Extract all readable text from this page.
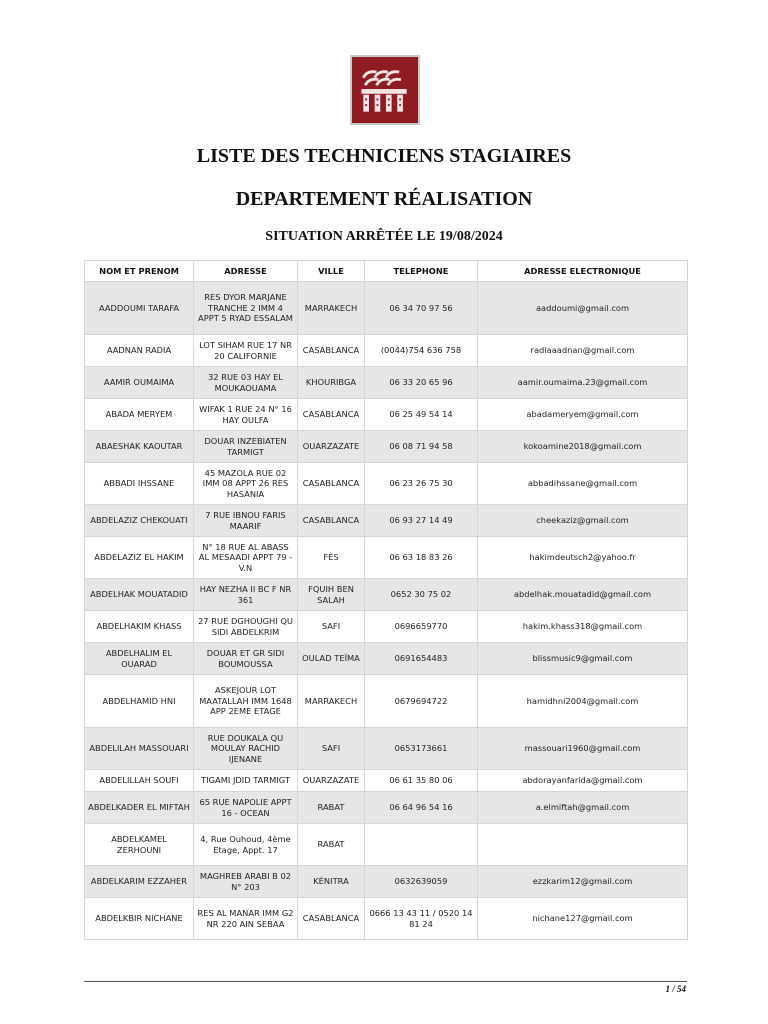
LISTE DES TECHNICIENS STAGIAIRES
DEPARTEMENT RÉALISATION
SITUATION ARRÊTÉE LE 19/08/2024
NOM ET PRENOM	ADRESSE	VILLE	TELEPHONE	ADRESSE ELECTRONIQUE
AADDOUMI TARAFA	RES DYOR MARJANE TRANCHE 2 IMM 4 APPT 5 RYAD ESSALAM	MARRAKECH	06 34 70 97 56	aaddoumi@gmail.com
AADNAN RADIA	LOT SIHAM RUE 17 NR 20 CALIFORNIE	CASABLANCA	(0044)754 636 758	radiaaadnan@gmail.com
AAMIR OUMAIMA	32 RUE 03 HAY EL MOUKAOUAMA	KHOURIBGA	06 33 20 65 96	aamir.oumaima.23@gmail.com
ABADA MERYEM	WIFAK 1 RUE 24 N° 16 HAY OULFA	CASABLANCA	06 25 49 54 14	abadameryem@gmail.com
ABAESHAK KAOUTAR	DOUAR INZEBIATEN TARMIGT	OUARZAZATE	06 08 71 94 58	kokoamine2018@gmail.com
ABBADI IHSSANE	45 MAZOLA RUE 02 IMM 08 APPT 26 RES HASANIA	CASABLANCA	06 23 26 75 30	abbadihssane@gmail.com
ABDELAZIZ CHEKOUATI	7 RUE IBNOU FARIS MAARIF	CASABLANCA	06 93 27 14 49	cheekaziz@gmail.com
ABDELAZIZ EL HAKIM	N° 18 RUE AL ABASS AL MESAADI APPT 79 - V.N	FÈS	06 63 18 83 26	hakimdeutsch2@yahoo.fr
ABDELHAK MOUATADID	HAY NEZHA II BC F NR 361	FQUIH BEN SALAH	0652 30 75 02	abdelhak.mouatadid@gmail.com
ABDELHAKIM KHASS	27 RUE DGHOUGHI QU SIDI ABDELKRIM	SAFI	0696659770	hakim.khass318@gmail.com
ABDELHALIM EL OUARAD	DOUAR ET GR SIDI BOUMOUSSA	OULAD TEÏMA	0691654483	blissmusic9@gmail.com
ABDELHAMID HNI	ASKEJOUR LOT MAATALLAH IMM 1648 APP 2EME ETAGE	MARRAKECH	0679694722	hamidhni2004@gmail.com
ABDELILAH MASSOUARI	RUE DOUKALA QU MOULAY RACHID IJENANE	SAFI	0653173661	massouari1960@gmail.com
ABDELILLAH SOUFI	TIGAMI JDID TARMIGT	OUARZAZATE	06 61 35 80 06	abdorayanfarida@gmail.com
ABDELKADER EL MIFTAH	65 RUE NAPOLIE APPT 16 - OCEAN	RABAT	06 64 96 54 16	a.elmiftah@gmail.com
ABDELKAMEL ZERHOUNI	4, Rue Ouhoud, 4ème Etage, Appt. 17	RABAT		
ABDELKARIM EZZAHER	MAGHREB ARABI B 02 N° 203	KÉNITRA	0632639059	ezzkarim12@gmail.com
ABDELKBIR NICHANE	RES AL MANAR IMM G2 NR 220 AIN SEBAA	CASABLANCA	0666 13 43 11 / 0520 14 81 24	nichane127@gmail.com
1 / 54
